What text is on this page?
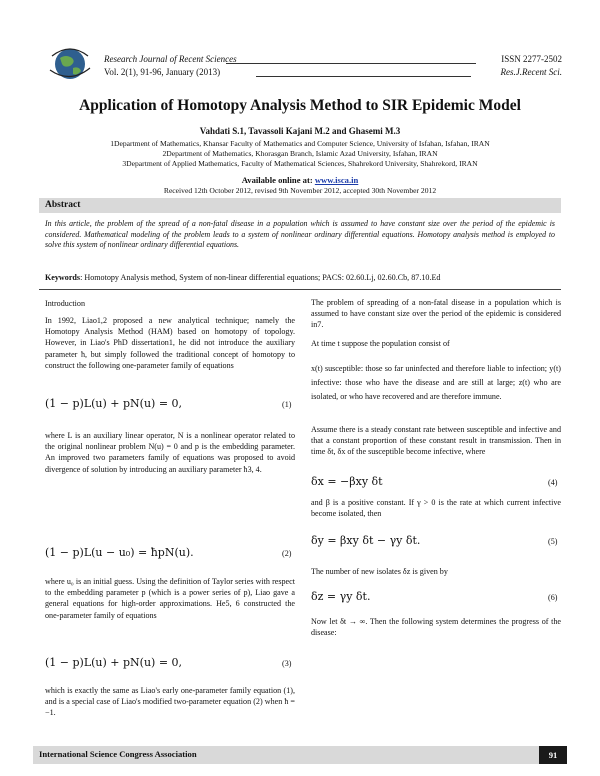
Research Journal of Recent Sciences
Vol. 2(1), 91-96, January (2013)
ISSN 2277-2502
Res.J.Recent Sci.
Application of Homotopy Analysis Method to SIR Epidemic Model
Vahdati S.1, Tavassoli Kajani M.2 and Ghasemi M.3
1Department of Mathematics, Khansar Faculty of Mathematics and Computer Science, University of Isfahan, Isfahan, IRAN
2Department of Mathematics, Khorasgan Branch, Islamic Azad University, Isfahan, IRAN
3Department of Applied Mathematics, Faculty of Mathematical Sciences, Shahrekord University, Shahrekord, IRAN
Available online at: www.isca.in
Received 12th October 2012, revised 9th November 2012, accepted 30th November 2012
Abstract
In this article, the problem of the spread of a non-fatal disease in a population which is assumed to have constant size over the period of the epidemic is considered. Mathematical modeling of the problem leads to a system of nonlinear ordinary differential equations. Homotopy analysis method is employed to solve this system of nonlinear ordinary differential equations.
Keywords: Homotopy Analysis method, System of non-linear differential equations; PACS: 02.60.Lj, 02.60.Cb, 87.10.Ed
Introduction
In 1992, Liao1,2 proposed a new analytical technique; namely the Homotopy Analysis Method (HAM) based on homotopy of topology. However, in Liao's PhD dissertation1, he did not introduce the auxiliary parameter ħ, but simply followed the traditional concept of homotopy to construct the following one-parameter family of equations
(1 − p)L(u) + pN(u) = 0,	(1)
where L is an auxiliary linear operator, N is a nonlinear operator related to the original nonlinear problem N(u) = 0 and p is the embedding parameter. An improved two parameters family of equations was proposed to avoid divergence of solution by introducing an auxiliary parameter ħ3, 4.
(1 − p)L(u − u₀) = ħpN(u).	(2)
where u₀ is an initial guess. Using the definition of Taylor series with respect to the embedding parameter p (which is a power series of p), Liao gave a general equations for high-order approximations. He5, 6 constructed the one-parameter family of equations
(1 − p)L(u) + pN(u) = 0,	(3)
which is exactly the same as Liao's early one-parameter family equation (1), and is a special case of Liao's modified two-parameter equation (2) when ħ = −1.
The problem of spreading of a non-fatal disease in a population which is assumed to have constant size over the period of the epidemic is considered in7.
At time t suppose the population consist of
x(t) susceptible: those so far uninfected and therefore liable to infection; y(t) infective: those who have the disease and are still at large; z(t) who are isolated, or who have recovered and are therefore immune.
Assume there is a steady constant rate between susceptible and infective and that a constant proportion of these constant result in transmission. Then in time δt, δx of the susceptible become infective, where
δx = −βxy δt	(4)
and β is a positive constant. If γ > 0 is the rate at which current infective become isolated, then
δy = βxy δt − γy δt.	(5)
The number of new isolates δz is given by
δz = γy δt.	(6)
Now let δt → ∞. Then the following system determines the progress of the disease:
International Science Congress Association	91
